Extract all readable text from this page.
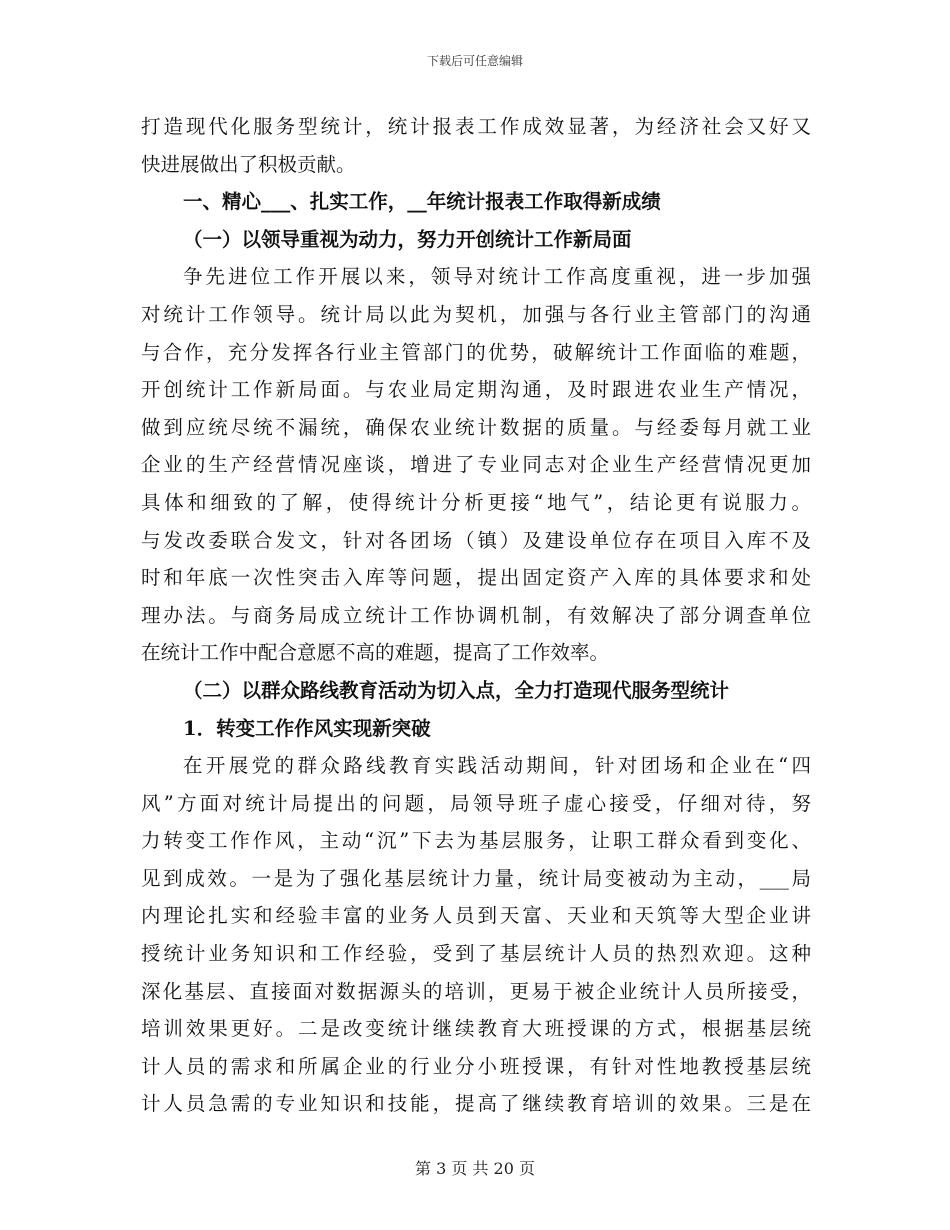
下载后可任意编辑
打造现代化服务型统计，统计报表工作成效显著，为经济社会又好又
快进展做出了积极贡献。
一、精心___、扎实工作，__年统计报表工作取得新成绩
（一）以领导重视为动力，努力开创统计工作新局面
争先进位工作开展以来，领导对统计工作高度重视，进一步加强
对统计工作领导。统计局以此为契机，加强与各行业主管部门的沟通
与合作，充分发挥各行业主管部门的优势，破解统计工作面临的难题，
开创统计工作新局面。与农业局定期沟通，及时跟进农业生产情况，
做到应统尽统不漏统，确保农业统计数据的质量。与经委每月就工业
企业的生产经营情况座谈，增进了专业同志对企业生产经营情况更加
具体和细致的了解，使得统计分析更接“地气”，结论更有说服力。
与发改委联合发文，针对各团场（镇）及建设单位存在项目入库不及
时和年底一次性突击入库等问题，提出固定资产入库的具体要求和处
理办法。与商务局成立统计工作协调机制，有效解决了部分调查单位
在统计工作中配合意愿不高的难题，提高了工作效率。
（二）以群众路线教育活动为切入点，全力打造现代服务型统计
1．转变工作作风实现新突破
在开展党的群众路线教育实践活动期间，针对团场和企业在“四
风”方面对统计局提出的问题，局领导班子虚心接受，仔细对待，努
力转变工作作风，主动“沉”下去为基层服务，让职工群众看到变化、
见到成效。一是为了强化基层统计力量，统计局变被动为主动，___局
内理论扎实和经验丰富的业务人员到天富、天业和天筑等大型企业讲
授统计业务知识和工作经验，受到了基层统计人员的热烈欢迎。这种
深化基层、直接面对数据源头的培训，更易于被企业统计人员所接受，
培训效果更好。二是改变统计继续教育大班授课的方式，根据基层统
计人员的需求和所属企业的行业分小班授课，有针对性地教授基层统
计人员急需的专业知识和技能，提高了继续教育培训的效果。三是在
第 3 页 共 20 页
